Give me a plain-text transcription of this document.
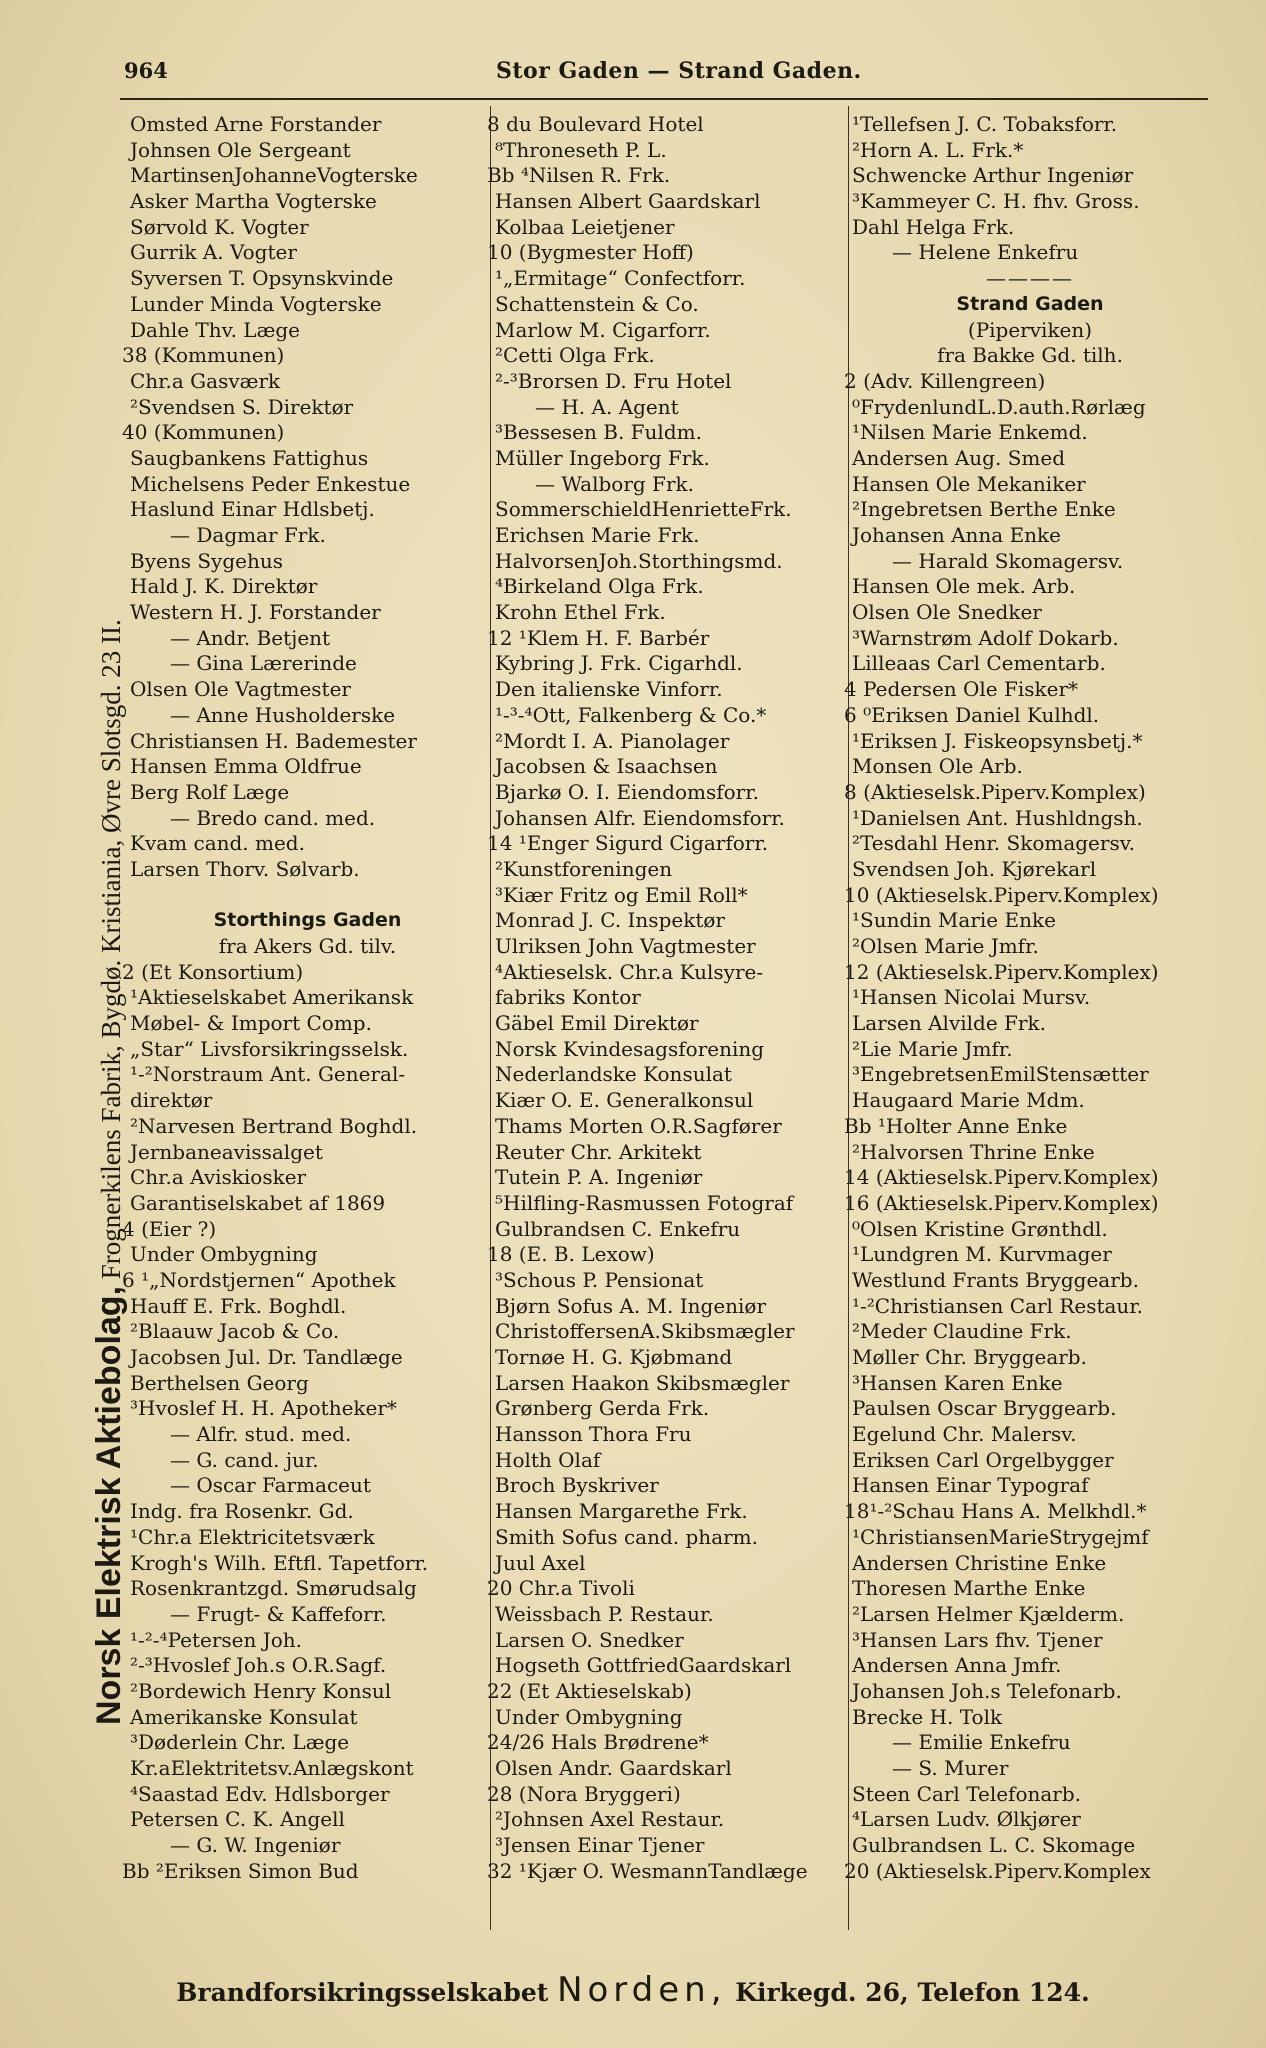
964	Stor Gaden — Strand Gaden.
Norsk Elektrisk Aktiebolag, Frognerkilens Fabrik, Bygdø. Kristiania, Øvre Slotsgd. 23 II.
Omsted Arne Forstander
Johnsen Ole Sergeant
MartinsenJohanneVogterske
Asker Martha Vogterske
Sørvold K. Vogter
Gurrik A. Vogter
Syversen T. Opsynskvinde
Lunder Minda Vogterske
Dahle Thv. Læge
38 (Kommunen)
Chr.a Gasværk
²Svendsen S. Direktør
40 (Kommunen)
Saugbankens Fattighus
Michelsens Peder Enkestue
Haslund Einar Hdlsbetj.
— Dagmar Frk.
Byens Sygehus
Hald J. K. Direktør
Western H. J. Forstander
— Andr. Betjent
— Gina Lærerinde
Olsen Ole Vagtmester
— Anne Husholderske
Christiansen H. Bademester
Hansen Emma Oldfrue
Berg Rolf Læge
— Bredo cand. med.
Kvam cand. med.
Larsen Thorv. Sølvarb.
Storthings Gaden
fra Akers Gd. tilv.
2 (Et Konsortium)
¹Aktieselskabet Amerikansk
Møbel- & Import Comp.
„Star“ Livsforsikringsselsk.
¹-²Norstraum Ant. General-
direktør
²Narvesen Bertrand Boghdl.
Jernbaneavissalget
Chr.a Aviskiosker
Garantiselskabet af 1869
4 (Eier ?)
Under Ombygning
6 ¹„Nordstjernen“ Apothek
Hauff E. Frk. Boghdl.
²Blaauw Jacob & Co.
Jacobsen Jul. Dr. Tandlæge
Berthelsen Georg
³Hvoslef H. H. Apotheker*
— Alfr. stud. med.
— G. cand. jur.
— Oscar Farmaceut
Indg. fra Rosenkr. Gd.
¹Chr.a Elektricitetsværk
Krogh's Wilh. Eftfl. Tapetforr.
Rosenkrantzgd. Smørudsalg
— Frugt- & Kaffeforr.
¹-²-⁴Petersen Joh.
²-³Hvoslef Joh.s O.R.Sagf.
²Bordewich Henry Konsul
Amerikanske Konsulat
³Døderlein Chr. Læge
Kr.aElektritetsv.Anlægskont
⁴Saastad Edv. Hdlsborger
Petersen C. K. Angell
— G. W. Ingeniør
Bb ²Eriksen Simon Bud
8 du Boulevard Hotel
⁸Throneseth P. L.
Bb ⁴Nilsen R. Frk.
Hansen Albert Gaardskarl
Kolbaa Leietjener
10 (Bygmester Hoff)
¹„Ermitage“ Confectforr.
Schattenstein & Co.
Marlow M. Cigarforr.
²Cetti Olga Frk.
²-³Brorsen D. Fru Hotel
— H. A. Agent
³Bessesen B. Fuldm.
Müller Ingeborg Frk.
— Walborg Frk.
SommerschieldHenrietteFrk.
Erichsen Marie Frk.
HalvorsenJoh.Storthingsmd.
⁴Birkeland Olga Frk.
Krohn Ethel Frk.
12 ¹Klem H. F. Barbér
Kybring J. Frk. Cigarhdl.
Den italienske Vinforr.
¹-³-⁴Ott, Falkenberg & Co.*
²Mordt I. A. Pianolager
Jacobsen & Isaachsen
Bjarkø O. I. Eiendomsforr.
Johansen Alfr. Eiendomsforr.
14 ¹Enger Sigurd Cigarforr.
²Kunstforeningen
³Kiær Fritz og Emil Roll*
Monrad J. C. Inspektør
Ulriksen John Vagtmester
⁴Aktieselsk. Chr.a Kulsyre-
fabriks Kontor
Gäbel Emil Direktør
Norsk Kvindesagsforening
Nederlandske Konsulat
Kiær O. E. Generalkonsul
Thams Morten O.R.Sagfører
Reuter Chr. Arkitekt
Tutein P. A. Ingeniør
⁵Hilfling-Rasmussen Fotograf
Gulbrandsen C. Enkefru
18 (E. B. Lexow)
³Schous P. Pensionat
Bjørn Sofus A. M. Ingeniør
ChristoffersenA.Skibsmægler
Tornøe H. G. Kjøbmand
Larsen Haakon Skibsmægler
Grønberg Gerda Frk.
Hansson Thora Fru
Holth Olaf
Broch Byskriver
Hansen Margarethe Frk.
Smith Sofus cand. pharm.
Juul Axel
20 Chr.a Tivoli
Weissbach P. Restaur.
Larsen O. Snedker
Hogseth GottfriedGaardskarl
22 (Et Aktieselskab)
Under Ombygning
24/26 Hals Brødrene*
Olsen Andr. Gaardskarl
28 (Nora Bryggeri)
²Johnsen Axel Restaur.
³Jensen Einar Tjener
32 ¹Kjær O. WesmannTandlæge
¹Tellefsen J. C. Tobaksforr.
²Horn A. L. Frk.*
Schwencke Arthur Ingeniør
³Kammeyer C. H. fhv. Gross.
Dahl Helga Frk.
— Helene Enkefru
————
Strand Gaden
(Piperviken)
fra Bakke Gd. tilh.
2 (Adv. Killengreen)
⁰FrydenlundL.D.auth.Rørlæg
¹Nilsen Marie Enkemd.
Andersen Aug. Smed
Hansen Ole Mekaniker
²Ingebretsen Berthe Enke
Johansen Anna Enke
— Harald Skomagersv.
Hansen Ole mek. Arb.
Olsen Ole Snedker
³Warnstrøm Adolf Dokarb.
Lilleaas Carl Cementarb.
4 Pedersen Ole Fisker*
6 ⁰Eriksen Daniel Kulhdl.
¹Eriksen J. Fiskeopsynsbetj.*
Monsen Ole Arb.
8 (Aktieselsk.Piperv.Komplex)
¹Danielsen Ant. Hushldngsh.
²Tesdahl Henr. Skomagersv.
Svendsen Joh. Kjørekarl
10 (Aktieselsk.Piperv.Komplex)
¹Sundin Marie Enke
²Olsen Marie Jmfr.
12 (Aktieselsk.Piperv.Komplex)
¹Hansen Nicolai Mursv.
Larsen Alvilde Frk.
²Lie Marie Jmfr.
³EngebretsenEmilStensætter
Haugaard Marie Mdm.
Bb ¹Holter Anne Enke
²Halvorsen Thrine Enke
14 (Aktieselsk.Piperv.Komplex)
16 (Aktieselsk.Piperv.Komplex)
⁰Olsen Kristine Grønthdl.
¹Lundgren M. Kurvmager
Westlund Frants Bryggearb.
¹-²Christiansen Carl Restaur.
²Meder Claudine Frk.
Møller Chr. Bryggearb.
³Hansen Karen Enke
Paulsen Oscar Bryggearb.
Egelund Chr. Malersv.
Eriksen Carl Orgelbygger
Hansen Einar Typograf
18¹-²Schau Hans A. Melkhdl.*
¹ChristiansenMarieStrygejmf
Andersen Christine Enke
Thoresen Marthe Enke
²Larsen Helmer Kjælderm.
³Hansen Lars fhv. Tjener
Andersen Anna Jmfr.
Johansen Joh.s Telefonarb.
Brecke H. Tolk
— Emilie Enkefru
— S. Murer
Steen Carl Telefonarb.
⁴Larsen Ludv. Ølkjører
Gulbrandsen L. C. Skomage
20 (Aktieselsk.Piperv.Komplex
Brandforsikringsselskabet Norden, Kirkegd. 26, Telefon 124.
